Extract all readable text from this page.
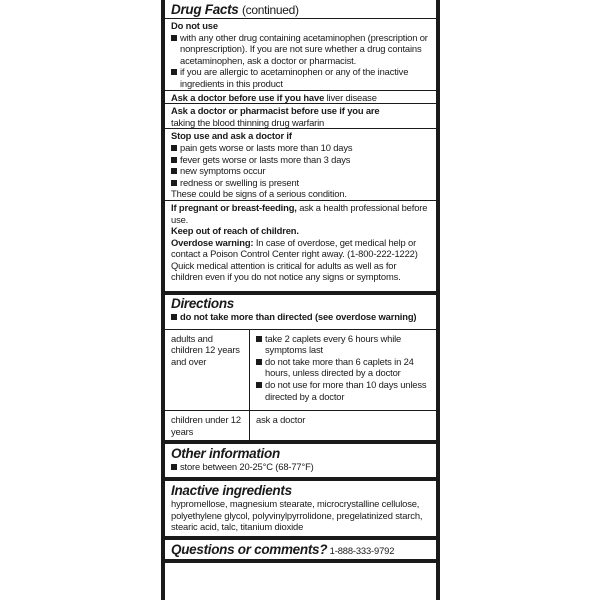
Drug Facts (continued)
Do not use
with any other drug containing acetaminophen (prescription or nonprescription). If you are not sure whether a drug contains acetaminophen, ask a doctor or pharmacist.
if you are allergic to acetaminophen or any of the inactive ingredients in this product
Ask a doctor before use if you have liver disease
Ask a doctor or pharmacist before use if you are
taking the blood thinning drug warfarin
Stop use and ask a doctor if
pain gets worse or lasts more than 10 days
fever gets worse or lasts more than 3 days
new symptoms occur
redness or swelling is present
These could be signs of a serious condition.
If pregnant or breast-feeding, ask a health professional before use.
Keep out of reach of children.
Overdose warning: In case of overdose, get medical help or contact a Poison Control Center right away. (1-800-222-1222) Quick medical attention is critical for adults as well as for children even if you do not notice any signs or symptoms.
Directions
do not take more than directed (see overdose warning)
adults and children 12 years and over
take 2 caplets every 6 hours while symptoms last
do not take more than 6 caplets in 24 hours, unless directed by a doctor
do not use for more than 10 days unless directed by a doctor
children under 12 years
ask a doctor
Other information
store between 20-25°C (68-77°F)
Inactive ingredients
hypromellose, magnesium stearate, microcrystalline cellulose, polyethylene glycol, polyvinylpyrrolidone, pregelatinized starch, stearic acid, talc, titanium dioxide
Questions or comments? 1-888-333-9792
